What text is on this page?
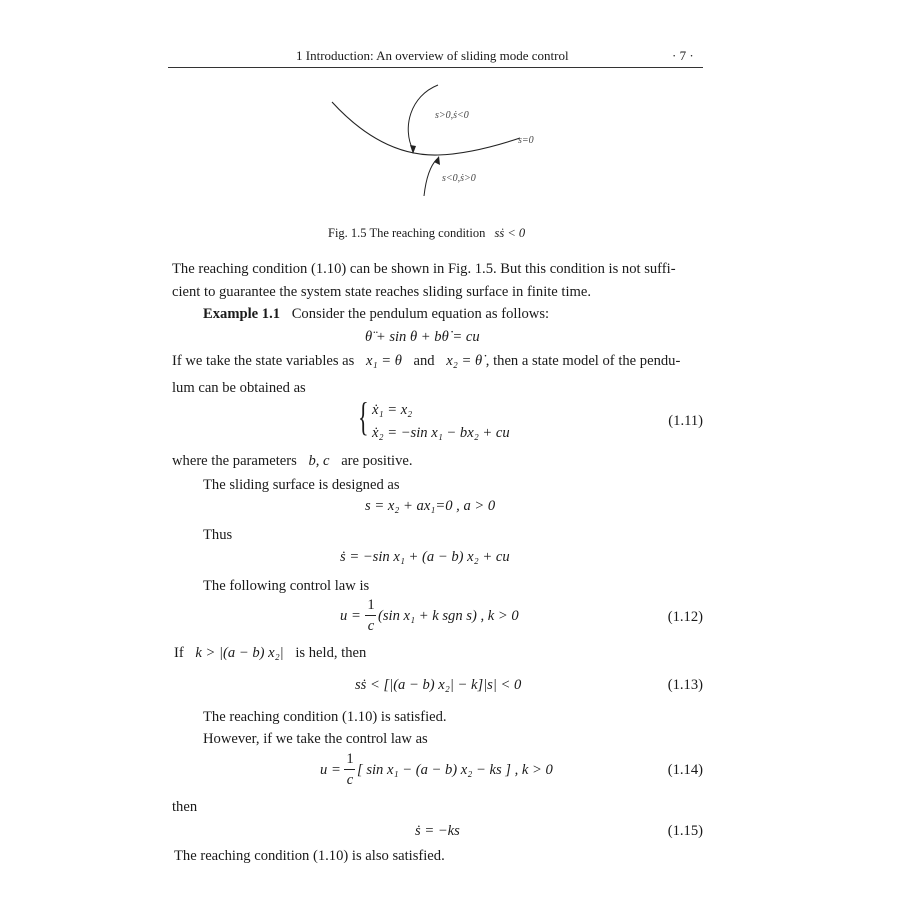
1 Introduction: An overview of sliding mode control	· 7 ·
s>0,ṡ<0
s=0
s<0,ṡ>0
Fig. 1.5 The reaching condition sṡ < 0
The reaching condition (1.10) can be shown in Fig. 1.5. But this condition is not suffi-
cient to guarantee the system state reaches sliding surface in finite time.
Example 1.1 Consider the pendulum equation as follows:
θ̈ + sin θ + bθ̇ = cu
If we take the state variables as x₁ = θ and x₂ = θ̇ , then a state model of the pendu-
lum can be obtained as
{ ẋ₁ = x₂
ẋ₂ = −sin x₁ − bx₂ + cu
(1.11)
where the parameters b, c are positive.
The sliding surface is designed as
s = x₂ + ax₁=0 , a > 0
Thus
ṡ = −sin x₁ + (a − b) x₂ + cu
The following control law is
u =
1
c
(sin x₁ + k sgn s) , k > 0	(1.12)
If k > |(a − b) x₂| is held, then
sṡ < [|(a − b) x₂| − k]|s| < 0	(1.13)
The reaching condition (1.10) is satisfied.
However, if we take the control law as
u =
1
c
[ sin x₁ − (a − b) x₂ − ks ] , k > 0	(1.14)
then
ṡ = −ks	(1.15)
The reaching condition (1.10) is also satisfied.
